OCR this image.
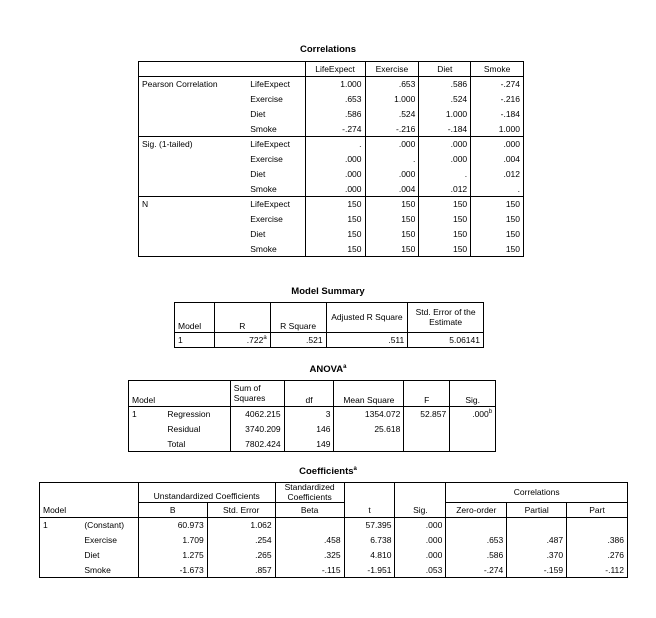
Correlations
		LifeExpect	Exercise	Diet	Smoke
Pearson Correlation	LifeExpect	1.000	.653	.586	-.274
	Exercise	.653	1.000	.524	-.216
	Diet	.586	.524	1.000	-.184
	Smoke	-.274	-.216	-.184	1.000
Sig. (1-tailed)	LifeExpect	.	.000	.000	.000
	Exercise	.000	.	.000	.004
	Diet	.000	.000	.	.012
	Smoke	.000	.004	.012	.
N	LifeExpect	150	150	150	150
	Exercise	150	150	150	150
	Diet	150	150	150	150
	Smoke	150	150	150	150
Model Summary
Model	R	R Square	Adjusted R Square	Std. Error of the Estimate
1	.722$^a$	.521	.511	5.06141
ANOVA$^a$
Model		Sum of Squares	df	Mean Square	F	Sig.	
1	Regression	4062.215	3	1354.072	52.857	.000$^b$	
	Residual	3740.209	146	25.618			
	Total	7802.424	149				
Coefficients$^a$
		Unstandardized Coefficients		Standardized Coefficients			Correlations		
Model		B	Std. Error	Beta	t	Sig.	Zero-order	Partial	Part
1	(Constant)	60.973	1.062		57.395	.000			
	Exercise	1.709	.254	.458	6.738	.000	.653	.487	.386
	Diet	1.275	.265	.325	4.810	.000	.586	.370	.276
	Smoke	-1.673	.857	-.115	-1.951	.053	-.274	-.159	-.112
